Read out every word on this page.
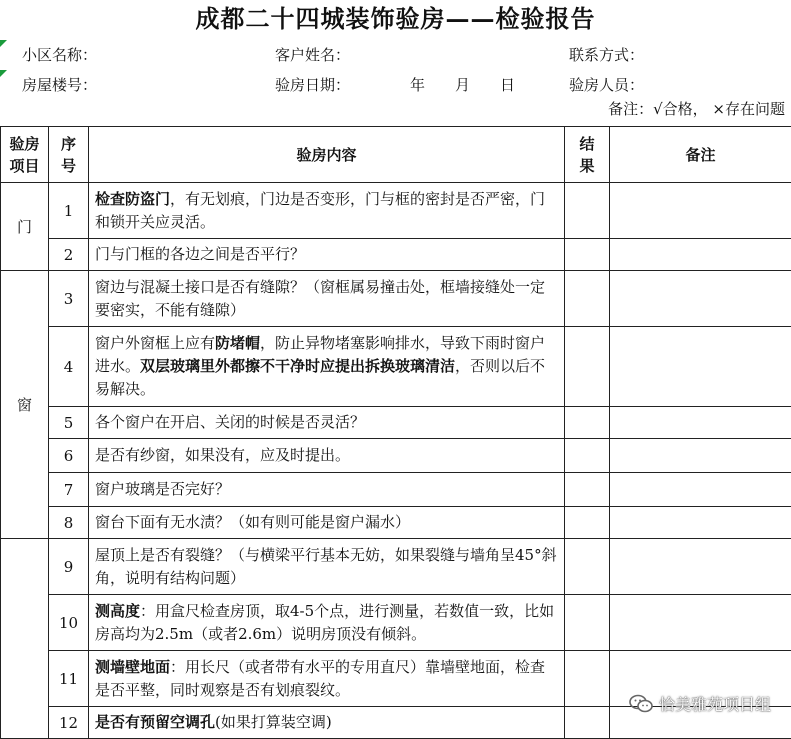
成都二十四城装饰验房——检验报告
小区名称：	客户姓名：	联系方式：
房屋楼号：	验房日期：	年 月 日	验房人员：
备注：√合格， ×存在问题
验房项目	序号	验房内容	结果	备注
门	1	检查防盗门，有无划痕，门边是否变形，门与框的密封是否严密，门和锁开关应灵活。		
	2	门与门框的各边之间是否平行？		
窗	3	窗边与混凝土接口是否有缝隙？（窗框属易撞击处，框墙接缝处一定要密实，不能有缝隙）		
	4	窗户外窗框上应有防堵帽，防止异物堵塞影响排水，导致下雨时窗户进水。双层玻璃里外都擦不干净时应提出拆换玻璃清洁，否则以后不易解决。		
	5	各个窗户在开启、关闭的时候是否灵活？		
	6	是否有纱窗，如果没有，应及时提出。		
	7	窗户玻璃是否完好？		
	8	窗台下面有无水渍？（如有则可能是窗户漏水）		
	9	屋顶上是否有裂缝？（与横梁平行基本无妨，如果裂缝与墙角呈45°斜角，说明有结构问题）		
	10	测高度：用盒尺检查房顶，取4-5个点，进行测量，若数值一致，比如房高均为2.5m（或者2.6m）说明房顶没有倾斜。		
	11	测墙壁地面：用长尺（或者带有水平的专用直尺）靠墙壁地面，检查是否平整，同时观察是否有划痕裂纹。		
	12	是否有预留空调孔(如果打算装空调)		
恰美雅苑项目组
